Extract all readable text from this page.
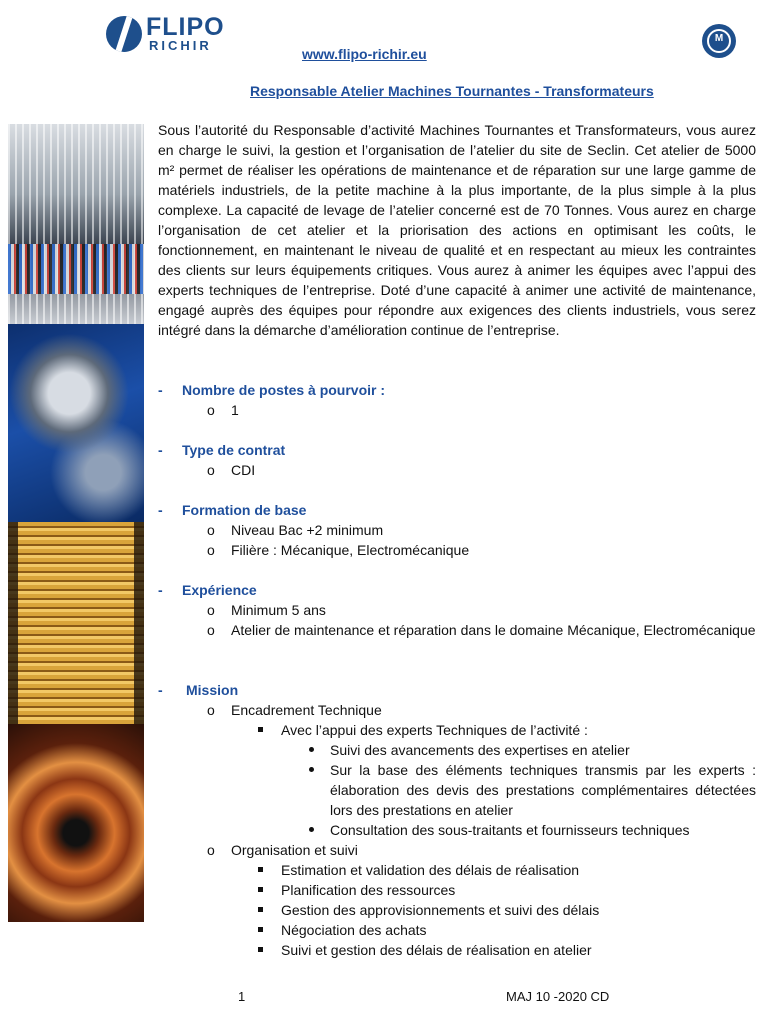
FLIPO
RICHIR
www.flipo-richir.eu
M
Responsable Atelier Machines Tournantes - Transformateurs
Sous l’autorité du Responsable d’activité Machines Tournantes et Transformateurs, vous aurez en charge le suivi, la gestion et l’organisation de l’atelier du site de Seclin. Cet atelier de 5000 m² permet de réaliser les opérations de maintenance et de réparation sur une large gamme de matériels industriels, de la petite machine à la plus importante, de la plus simple à la plus complexe. La capacité de levage de l’atelier concerné est de 70 Tonnes. Vous aurez en charge l’organisation de cet atelier et la priorisation des actions en optimisant les coûts, le fonctionnement, en maintenant le niveau de qualité et en respectant au mieux les contraintes des clients sur leurs équipements critiques. Vous aurez à animer les équipes avec l’appui des experts techniques de l’entreprise. Doté d’une capacité à animer une activité de maintenance, engagé auprès des équipes pour répondre aux exigences des clients industriels, vous serez intégré dans la démarche d’amélioration continue de l’entreprise.
- Nombre de postes à pourvoir :
o 1
- Type de contrat
o CDI
- Formation de base
o Niveau Bac +2 minimum
o Filière : Mécanique, Electromécanique
- Expérience
o Minimum 5 ans
o Atelier de maintenance et réparation dans le domaine Mécanique, Electromécanique
- Mission
o Encadrement Technique
Avec l’appui des experts Techniques de l’activité :
Suivi des avancements des expertises en atelier
Sur la base des éléments techniques transmis par les experts : élaboration des devis des prestations complémentaires détectées lors des prestations en atelier
Consultation des sous-traitants et fournisseurs techniques
o Organisation et suivi
Estimation et validation des délais de réalisation
Planification des ressources
Gestion des approvisionnements et suivi des délais
Négociation des achats
Suivi et gestion des délais de réalisation en atelier
1	MAJ 10 -2020 CD
